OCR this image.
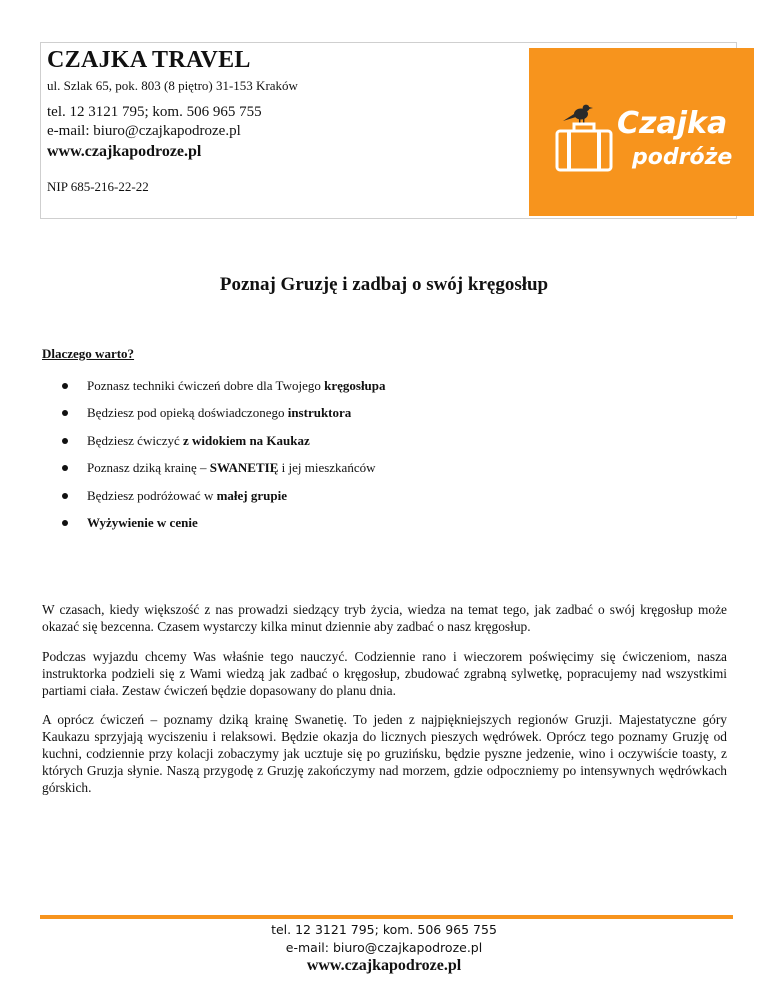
CZAJKA TRAVEL
ul. Szlak 65, pok. 803 (8 piętro) 31-153 Kraków
tel. 12 3121 795; kom. 506 965 755
e-mail: biuro@czajkapodroze.pl
www.czajkapodroze.pl
NIP 685-216-22-22
Czajka
podróże
Poznaj Gruzję i zadbaj o swój kręgosłup
Dlaczego warto?
Poznasz techniki ćwiczeń dobre dla Twojego kręgosłupa
Będziesz pod opieką doświadczonego instruktora
Będziesz ćwiczyć z widokiem na Kaukaz
Poznasz dziką krainę – SWANETIĘ i jej mieszkańców
Będziesz podróżować w małej grupie
Wyżywienie w cenie

W czasach, kiedy większość z nas prowadzi siedzący tryb życia, wiedza na temat tego, jak zadbać o swój kręgosłup może okazać się bezcenna. Czasem wystarczy kilka minut dziennie aby zadbać o nasz kręgosłup.

Podczas wyjazdu chcemy Was właśnie tego nauczyć. Codziennie rano i wieczorem poświęcimy się ćwiczeniom, nasza instruktorka podzieli się z Wami wiedzą jak zadbać o kręgosłup, zbudować zgrabną sylwetkę, popracujemy nad wszystkimi partiami ciała. Zestaw ćwiczeń będzie dopasowany do planu dnia.

A oprócz ćwiczeń – poznamy dziką krainę Swanetię. To jeden z najpiękniejszych regionów Gruzji. Majestatyczne góry Kaukazu sprzyjają wyciszeniu i relaksowi. Będzie okazja do licznych pieszych wędrówek. Oprócz tego poznamy Gruzję od kuchni, codziennie przy kolacji zobaczymy jak ucztuje się po gruzińsku, będzie pyszne jedzenie, wino i oczywiście toasty, z których Gruzja słynie. Naszą przygodę z Gruzję zakończymy nad morzem, gdzie odpoczniemy po intensywnych wędrówkach górskich.

tel. 12 3121 795; kom. 506 965 755
e-mail: biuro@czajkapodroze.pl
www.czajkapodroze.pl
